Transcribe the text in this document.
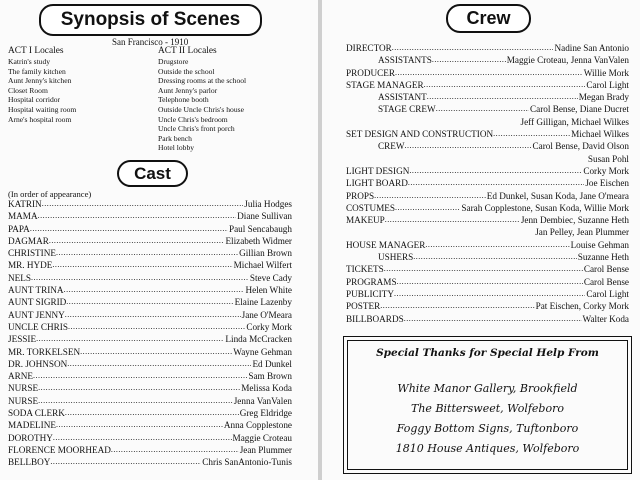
Synopsis of Scenes
San Francisco - 1910
ACT I Locales
Katrin's study
The family kitchen
Aunt Jenny's kitchen
Closet Room
Hospital corridor
Hospital waiting room
Arne's hospital room
ACT II Locales
Drugstore
Outside the school
Dressing rooms at the school
Aunt Jenny's parlor
Telephone booth
Outside Uncle Chris's house
Uncle Chris's bedroom
Uncle Chris's front porch
Park bench
Hotel lobby
Cast
(In order of appearance)
KATRIN .....	Julia Hodges
MAMA .....	Diane Sullivan
PAPA .....	Paul Sencabaugh
DAGMAR .....	Elizabeth Widmer
CHRISTINE .....	Gillian Brown
MR. HYDE .....	Michael Wilfert
NELS .....	Steve Cady
AUNT TRINA .....	Helen White
AUNT SIGRID .....	Elaine Lazenby
AUNT JENNY .....	Jane O'Meara
UNCLE CHRIS .....	Corky Mork
JESSIE .....	Linda McCracken
MR. TORKELSEN .....	Wayne Gehman
DR. JOHNSON .....	Ed Dunkel
ARNE .....	Sam Brown
NURSE .....	Melissa Koda
NURSE .....	Jenna VanValen
SODA CLERK .....	Greg Eldridge
MADELINE .....	Anna Copplestone
DOROTHY .....	Maggie Croteau
FLORENCE MOORHEAD .....	Jean Plummer
BELLBOY .....	Chris SanAntonio-Tunis
Crew
DIRECTOR .....	Nadine San Antonio
ASSISTANTS .....	Maggie Croteau, Jenna VanValen
PRODUCER .....	Willie Mork
STAGE MANAGER .....	Carol Light
ASSISTANT .....	Megan Brady
STAGE CREW .....	Carol Bense, Diane Ducret
Jeff Gilligan, Michael Wilkes
SET DESIGN AND CONSTRUCTION .....	Michael Wilkes
CREW .....	Carol Bense, David Olson
Susan Pohl
LIGHT DESIGN .....	Corky Mork
LIGHT BOARD .....	Joe Eischen
PROPS .....	Ed Dunkel, Susan Koda, Jane O'meara
COSTUMES .....	Sarah Copplestone, Susan Koda, Willie Mork
MAKEUP .....	Jenn Dembiec, Suzanne Heth
Jan Pelley, Jean Plummer
HOUSE MANAGER .....	Louise Gehman
USHERS .....	Suzanne Heth
TICKETS .....	Carol Bense
PROGRAMS .....	Carol Bense
PUBLICITY .....	Carol Light
POSTER .....	Pat Eischen, Corky Mork
BILLBOARDS .....	Walter Koda
Special Thanks for Special Help From
White Manor Gallery, Brookfield
The Bittersweet, Wolfeboro
Foggy Bottom Signs, Tuftonboro
1810 House Antiques, Wolfeboro
